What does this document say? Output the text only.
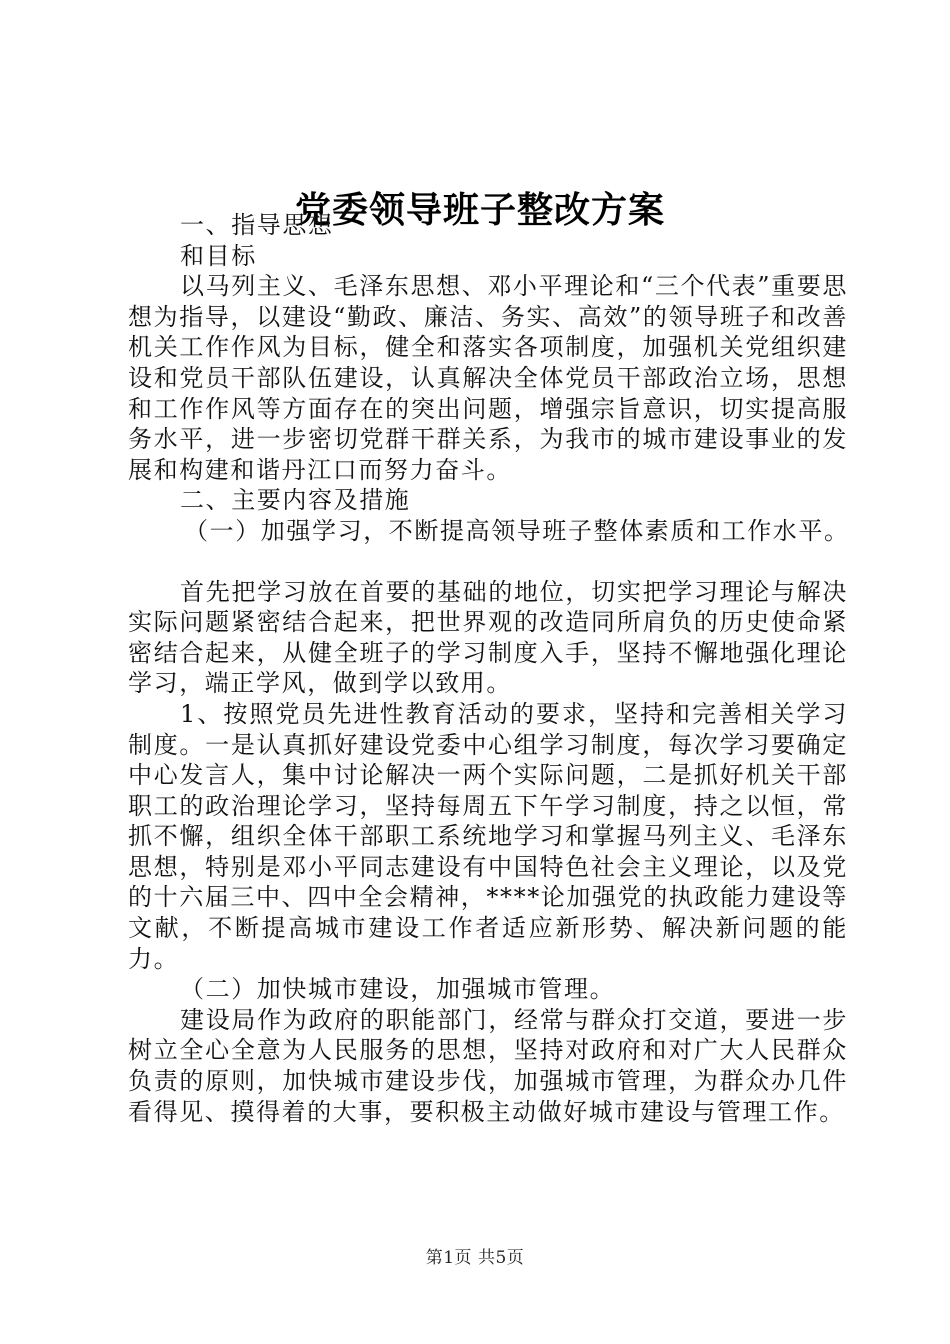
党委领导班子整改方案

一、指导思想

和目标

以马列主义、毛泽东思想、邓小平理论和“三个代表”重要思想为指导，以建设“勤政、廉洁、务实、高效”的领导班子和改善机关工作作风为目标，健全和落实各项制度，加强机关党组织建设和党员干部队伍建设，认真解决全体党员干部政治立场，思想和工作作风等方面存在的突出问题，增强宗旨意识，切实提高服务水平，进一步密切党群干群关系，为我市的城市建设事业的发展和构建和谐丹江口而努力奋斗。

二、主要内容及措施

（一）加强学习，不断提高领导班子整体素质和工作水平。

首先把学习放在首要的基础的地位，切实把学习理论与解决实际问题紧密结合起来，把世界观的改造同所肩负的历史使命紧密结合起来，从健全班子的学习制度入手，坚持不懈地强化理论学习，端正学风，做到学以致用。

1、按照党员先进性教育活动的要求，坚持和完善相关学习制度。一是认真抓好建设党委中心组学习制度，每次学习要确定中心发言人，集中讨论解决一两个实际问题，二是抓好机关干部职工的政治理论学习，坚持每周五下午学习制度，持之以恒，常抓不懈，组织全体干部职工系统地学习和掌握马列主义、毛泽东思想，特别是邓小平同志建设有中国特色社会主义理论，以及党的十六届三中、四中全会精神，****论加强党的执政能力建设等文献，不断提高城市建设工作者适应新形势、解决新问题的能力。

（二）加快城市建设，加强城市管理。

建设局作为政府的职能部门，经常与群众打交道，要进一步树立全心全意为人民服务的思想，坚持对政府和对广大人民群众负责的原则，加快城市建设步伐，加强城市管理，为群众办几件看得见、摸得着的大事，要积极主动做好城市建设与管理工作。

第1页 共5页
